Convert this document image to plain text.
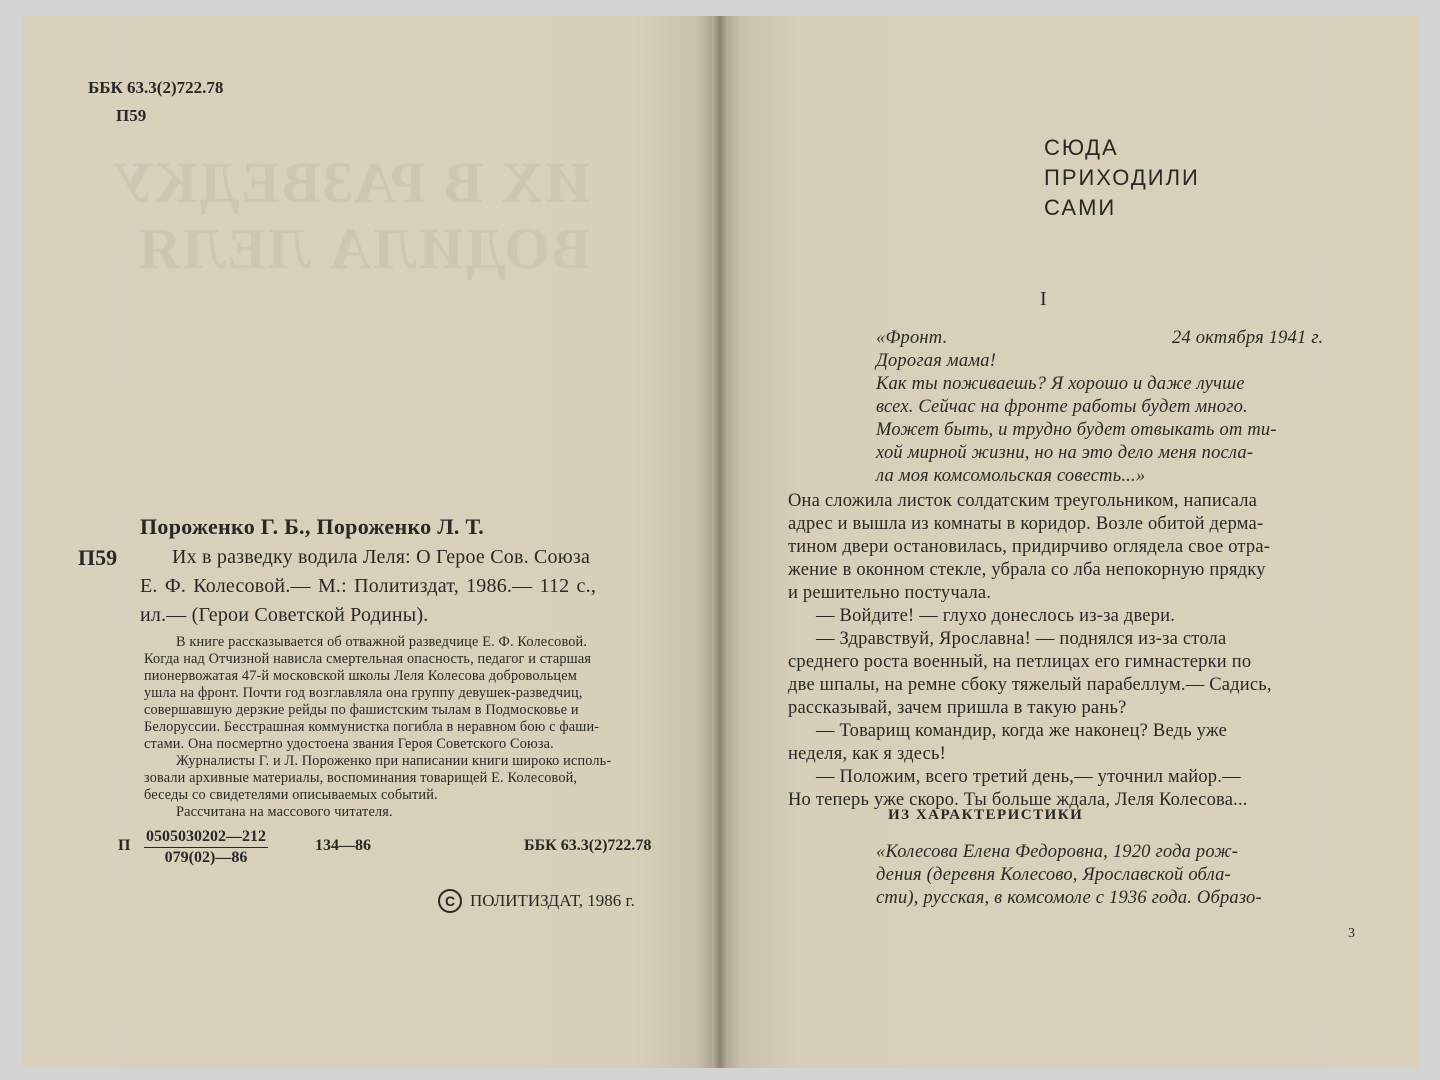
ББК 63.3(2)722.78
П59
ИХ В РАЗВЕДКУ
ВОДИЛА ЛЕЛЯ
Пороженко Г. Б., Пороженко Л. Т.
П59	Их в разведку водила Леля: О Герое Сов. Союза
Е. Ф. Колесовой.— М.: Политиздат, 1986.— 112 с.,
ил.— (Герои Советской Родины).
В книге рассказывается об отважной разведчице Е. Ф. Колесовой.
Когда над Отчизной нависла смертельная опасность, педагог и старшая
пионервожатая 47-й московской школы Леля Колесова добровольцем
ушла на фронт. Почти год возглавляла она группу девушек-разведчиц,
совершавшую дерзкие рейды по фашистским тылам в Подмосковье и
Белоруссии. Бесстрашная коммунистка погибла в неравном бою с фаши-
стами. Она посмертно удостоена звания Героя Советского Союза.
Журналисты Г. и Л. Пороженко при написании книги широко исполь-
зовали архивные материалы, воспоминания товарищей Е. Колесовой,
беседы со свидетелями описываемых событий.
Рассчитана на массового читателя.
П $\frac{0505030202—212}{079(02)—86}$	134—86	ББК 63.3(2)722.78
С ПОЛИТИЗДАТ, 1986 г.
СЮДА
ПРИХОДИЛИ
САМИ
I
«Фронт.	24 октября 1941 г.
Дорогая мама!
Как ты поживаешь? Я хорошо и даже лучше
всех. Сейчас на фронте работы будет много.
Может быть, и трудно будет отвыкать от ти-
хой мирной жизни, но на это дело меня посла-
ла моя комсомольская совесть...»
Она сложила листок солдатским треугольником, написала
адрес и вышла из комнаты в коридор. Возле обитой дерма-
тином двери остановилась, придирчиво оглядела свое отра-
жение в оконном стекле, убрала со лба непокорную прядку
и решительно постучала.
— Войдите! — глухо донеслось из-за двери.
— Здравствуй, Ярославна! — поднялся из-за стола
среднего роста военный, на петлицах его гимнастерки по
две шпалы, на ремне сбоку тяжелый парабеллум.— Садись,
рассказывай, зачем пришла в такую рань?
— Товарищ командир, когда же наконец? Ведь уже
неделя, как я здесь!
— Положим, всего третий день,— уточнил майор.—
Но теперь уже скоро. Ты больше ждала, Леля Колесова...
ИЗ ХАРАКТЕРИСТИКИ
«Колесова Елена Федоровна, 1920 года рож-
дения (деревня Колесово, Ярославской обла-
сти), русская, в комсомоле с 1936 года. Образо-
3
